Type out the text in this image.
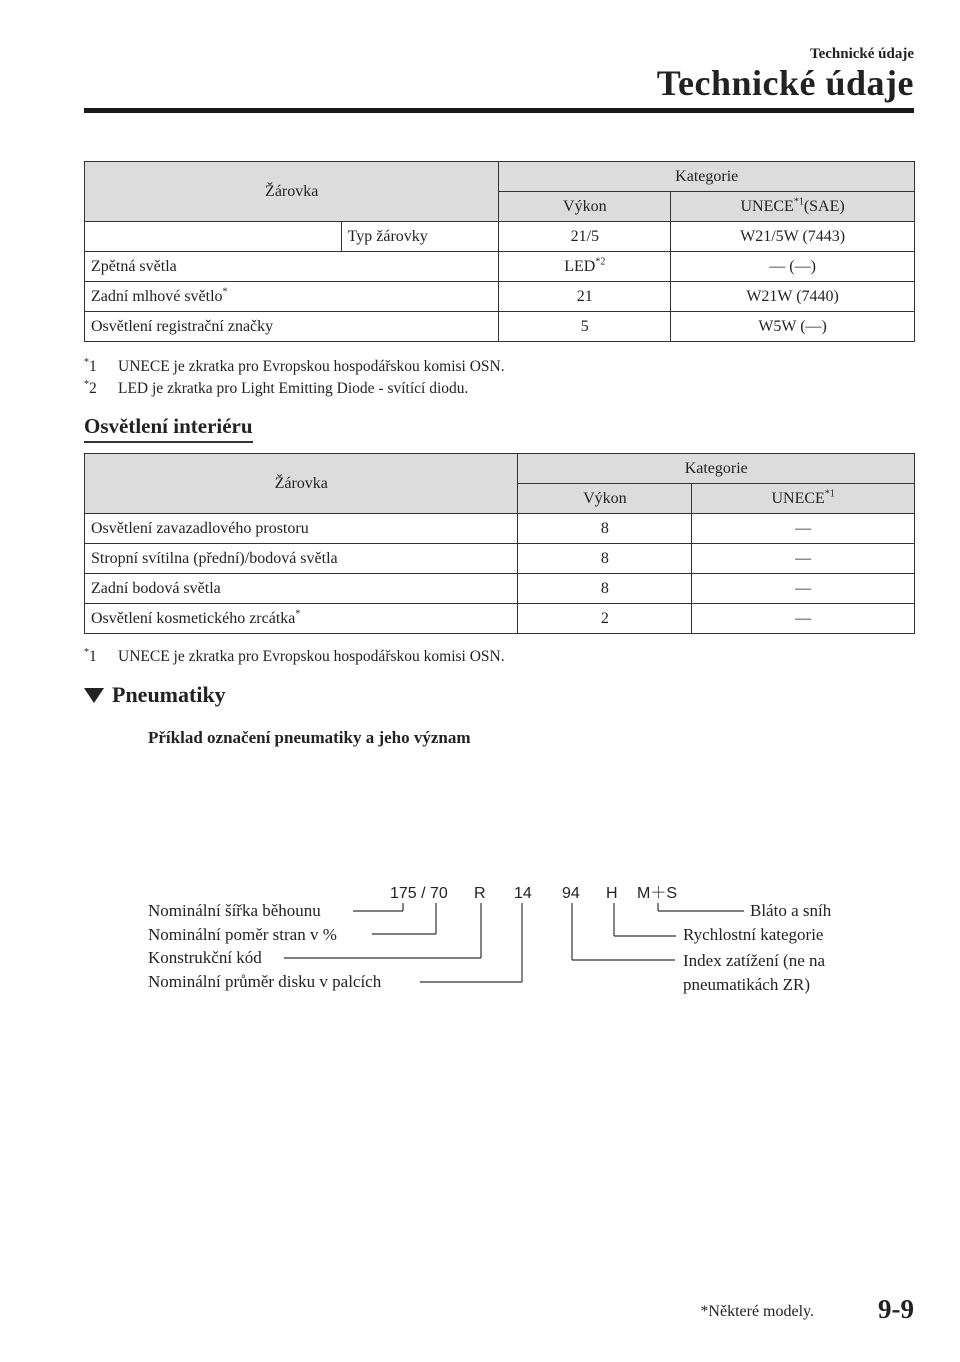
Technické údaje
Technické údaje
Žárovka		Kategorie	
		Výkon	UNECE$^{*1}$(SAE)
	Typ žárovky	21/5	W21/5W (7443)
Zpětná světla		LED$^{*2}$	— (—)
Zadní mlhové světlo*		21	W21W (7440)
Osvětlení registrační značky		5	W5W (—)
*1 UNECE je zkratka pro Evropskou hospodářskou komisi OSN.
*2 LED je zkratka pro Light Emitting Diode - svítící diodu.
Osvětlení interiéru
Žárovka	Kategorie	
	Výkon	UNECE$^{*1}$
Osvětlení zavazadlového prostoru	8	—
Stropní svítilna (přední)/bodová světla	8	—
Zadní bodová světla	8	—
Osvětlení kosmetického zrcátka*	2	—
*1 UNECE je zkratka pro Evropskou hospodářskou komisi OSN.
Pneumatiky
Příklad označení pneumatiky a jeho význam
175 / 70 R 14 94 H M＋S
Nominální šířka běhounu
Nominální poměr stran v %
Konstrukční kód
Nominální průměr disku v palcích
Bláto a sníh
Rychlostní kategorie
Index zatížení (ne na
pneumatikách ZR)
*Některé modely. 9-9
